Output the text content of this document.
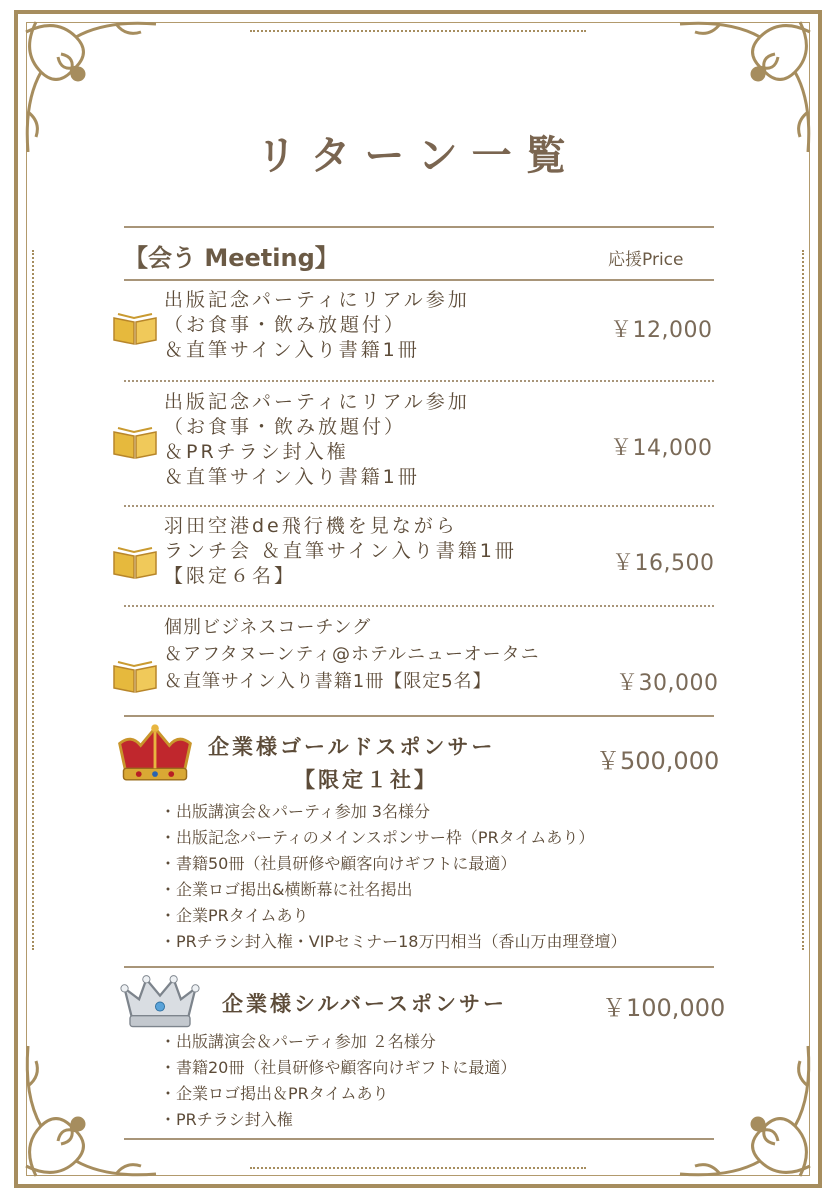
リターン一覧
【会う Meeting】	応援Price
出版記念パーティにリアル参加
（お食事・飲み放題付）
＆直筆サイン入り書籍1冊
￥12,000
出版記念パーティにリアル参加
（お食事・飲み放題付）
＆PRチラシ封入権
＆直筆サイン入り書籍1冊
￥14,000
羽田空港de飛行機を見ながら
ランチ会 ＆直筆サイン入り書籍1冊
【限定６名】	￥16,500
個別ビジネスコーチング
＆アフタヌーンティ@ホテルニューオータニ
＆直筆サイン入り書籍1冊【限定5名】	￥30,000
企業様ゴールドスポンサー
【限定１社】
￥500,000
・出版講演会＆パーティ参加 3名様分
・出版記念パーティのメインスポンサー枠（PRタイムあり）
・書籍50冊（社員研修や顧客向けギフトに最適）
・企業ロゴ掲出&横断幕に社名掲出
・企業PRタイムあり
・PRチラシ封入権・VIPセミナー18万円相当（香山万由理登壇）
企業様シルバースポンサー	￥100,000
・出版講演会＆パーティ参加 ２名様分
・書籍20冊（社員研修や顧客向けギフトに最適）
・企業ロゴ掲出＆PRタイムあり
・PRチラシ封入権
